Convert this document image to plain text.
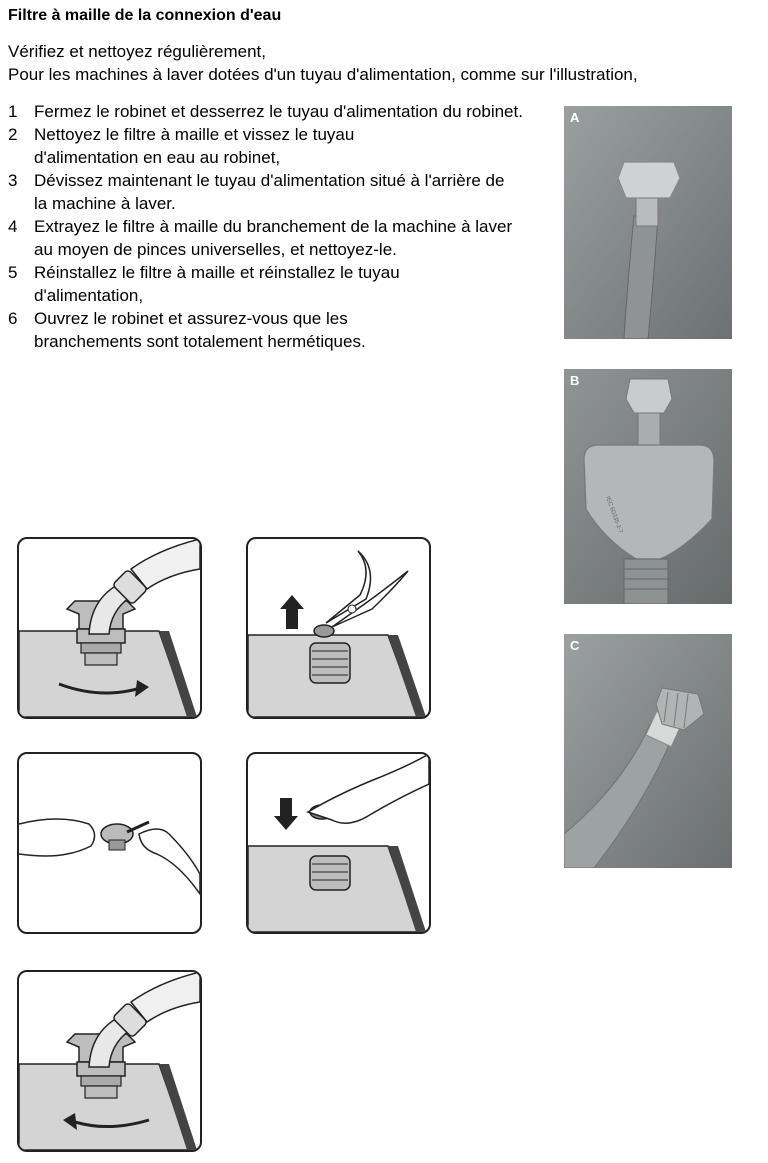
Filtre à maille de la connexion d'eau
Vérifiez et nettoyez régulièrement,
Pour les machines à laver dotées d'un tuyau d'alimentation, comme sur l'illustration,
1 Fermez le robinet et desserrez le tuyau d'alimentation du robinet.
2 Nettoyez le filtre à maille et vissez le tuyau d'alimentation en eau au robinet,
3 Dévissez maintenant le tuyau d'alimentation situé à l'arrière de la machine à laver.
4 Extrayez le filtre à maille du branchement de la machine à laver au moyen de pinces universelles, et nettoyez-le.
5 Réinstallez le filtre à maille et réinstallez le tuyau d'alimentation,
6 Ouvrez le robinet et assurez-vous que les branchements sont totalement hermétiques.
A
IEC 60335-2-7
B
C
